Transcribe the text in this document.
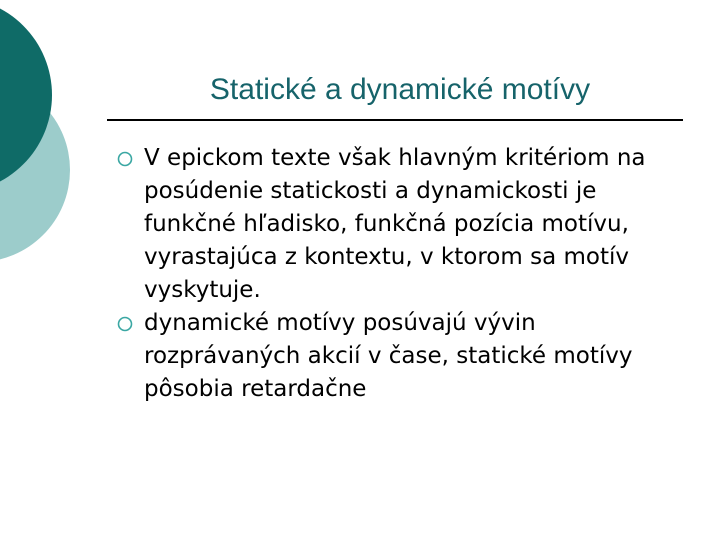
Statické a dynamické motívy
V epickom texte však hlavným kritériom na posúdenie statickosti a dynamickosti je funkčné hľadisko, funkčná pozícia motívu, vyrastajúca z kontextu, v ktorom sa motív vyskytuje.
dynamické motívy posúvajú vývin rozprávaných akcií v čase, statické motívy pôsobia retardačne
